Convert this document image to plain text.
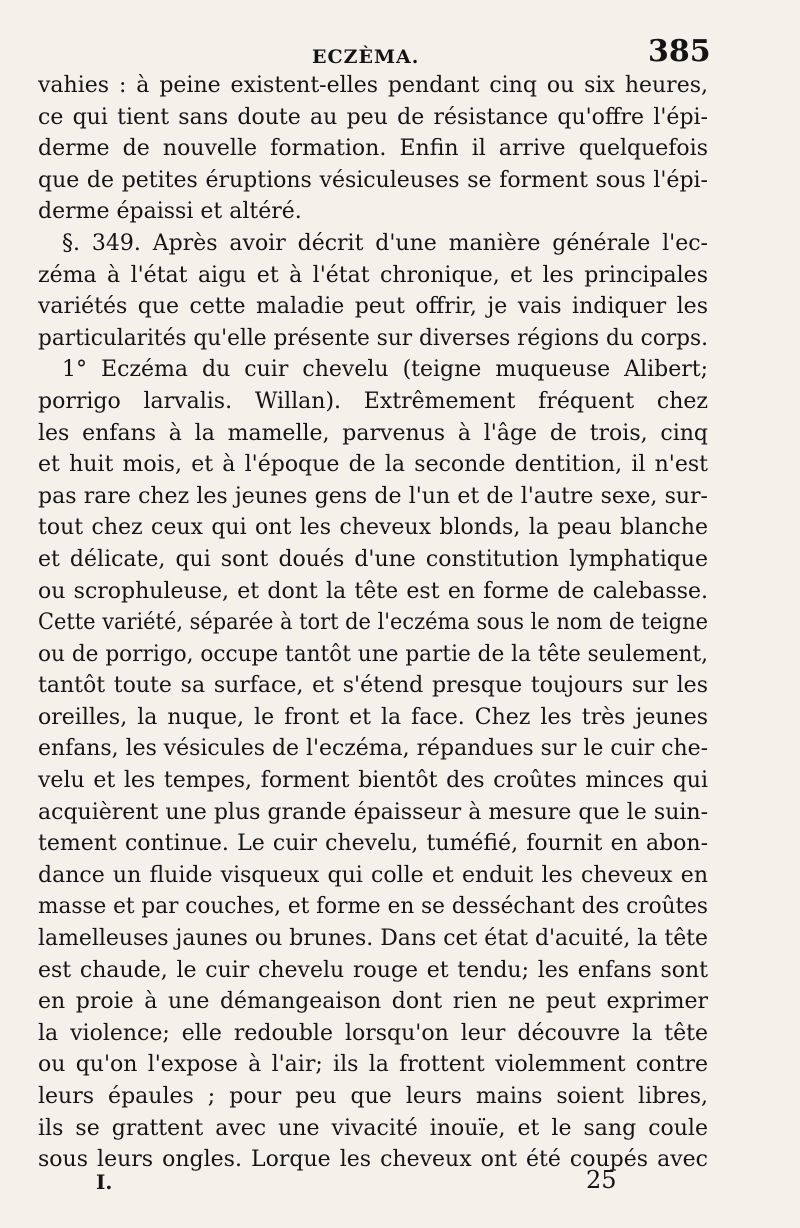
ECZÈMA.	385
vahies : à peine existent-elles pendant cinq ou six heures,
ce qui tient sans doute au peu de résistance qu'offre l'épi-
derme de nouvelle formation. Enfin il arrive quelquefois
que de petites éruptions vésiculeuses se forment sous l'épi-
derme épaissi et altéré.
§. 349. Après avoir décrit d'une manière générale l'ec-
zéma à l'état aigu et à l'état chronique, et les principales
variétés que cette maladie peut offrir, je vais indiquer les
particularités qu'elle présente sur diverses régions du corps.
1° Eczéma du cuir chevelu (teigne muqueuse Alibert;
porrigo larvalis. Willan). Extrêmement fréquent chez
les enfans à la mamelle, parvenus à l'âge de trois, cinq
et huit mois, et à l'époque de la seconde dentition, il n'est
pas rare chez les jeunes gens de l'un et de l'autre sexe, sur-
tout chez ceux qui ont les cheveux blonds, la peau blanche
et délicate, qui sont doués d'une constitution lymphatique
ou scrophuleuse, et dont la tête est en forme de calebasse.
Cette variété, séparée à tort de l'eczéma sous le nom de teigne
ou de porrigo, occupe tantôt une partie de la tête seulement,
tantôt toute sa surface, et s'étend presque toujours sur les
oreilles, la nuque, le front et la face. Chez les très jeunes
enfans, les vésicules de l'eczéma, répandues sur le cuir che-
velu et les tempes, forment bientôt des croûtes minces qui
acquièrent une plus grande épaisseur à mesure que le suin-
tement continue. Le cuir chevelu, tuméfié, fournit en abon-
dance un fluide visqueux qui colle et enduit les cheveux en
masse et par couches, et forme en se desséchant des croûtes
lamelleuses jaunes ou brunes. Dans cet état d'acuité, la tête
est chaude, le cuir chevelu rouge et tendu; les enfans sont
en proie à une démangeaison dont rien ne peut exprimer
la violence; elle redouble lorsqu'on leur découvre la tête
ou qu'on l'expose à l'air; ils la frottent violemment contre
leurs épaules ; pour peu que leurs mains soient libres,
ils se grattent avec une vivacité inouïe, et le sang coule
sous leurs ongles. Lorque les cheveux ont été coupés avec
I.	25
